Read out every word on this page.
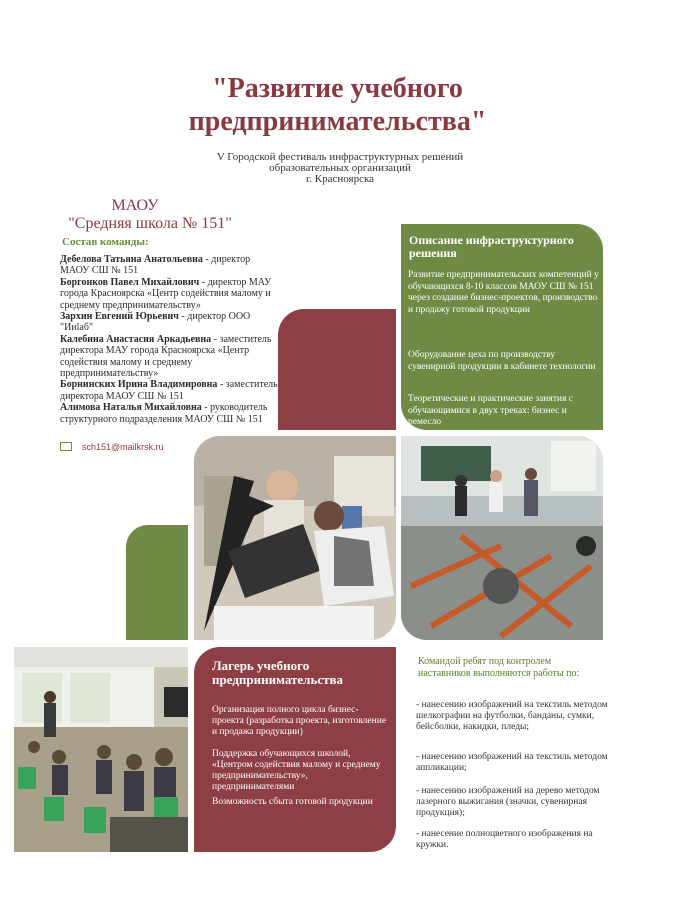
"Развитие учебного
предпринимательства"
V Городской фестиваль инфраструктурных решений
образовательных организаций
г. Красноярска
МАОУ
"Средняя школа № 151"
Состав команды:

Дебелова Татьяна Анатольевна - директор МАОУ СШ № 151

Боргонков Павел Михайлович - директор МАУ города Красноярска «Центр содействия малому и среднему предпринимательству»

Зархин Евгений Юрьевич - директор ООО "Ииlаб"

Калебина Анастасия Аркадьевна - заместитель директора МАУ города Красноярска «Центр содействия малому и среднему предпринимательству»

Борнинских Ирина Владимировна - заместитель директора МАОУ СШ № 151

Алимова Наталья Михайловна - руководитель структурного подразделения МАОУ СШ № 151

sch151@mailkrsk.ru
Описание инфраструктурного решения
Развитие предпринимательских компетенций у обучающихся 8-10 классов МАОУ СШ № 151 через создание бизнес-проектов, производство и продажу готовой продукции
Оборудование цеха по производству сувенирной продукции в кабинете технологии
Теоретические и практические занятия с обучающимися в двух треках: бизнес и ремесло
Лагерь учебного предпринимательства
Организация полного цикла бизнес-проекта (разработка проекта, изготовление и продажа продукции)
Поддержка обучающихся школой, «Центром содействия малому и среднему предпринимательству», предпринимателями
Возможность сбыта готовой продукции
Командой ребят под контролем наставников выполняются работы по:
- нанесению изображений на текстиль методом шелкографии на футболки, банданы, сумки, бейсболки, накидки, пледы;
- нанесению изображений на текстиль методом аппликации;
- нанесению изображений на дерево методом лазерного выжигания (значки, сувенирная продукция);
- нанесение полноцветного изображения на кружки.
